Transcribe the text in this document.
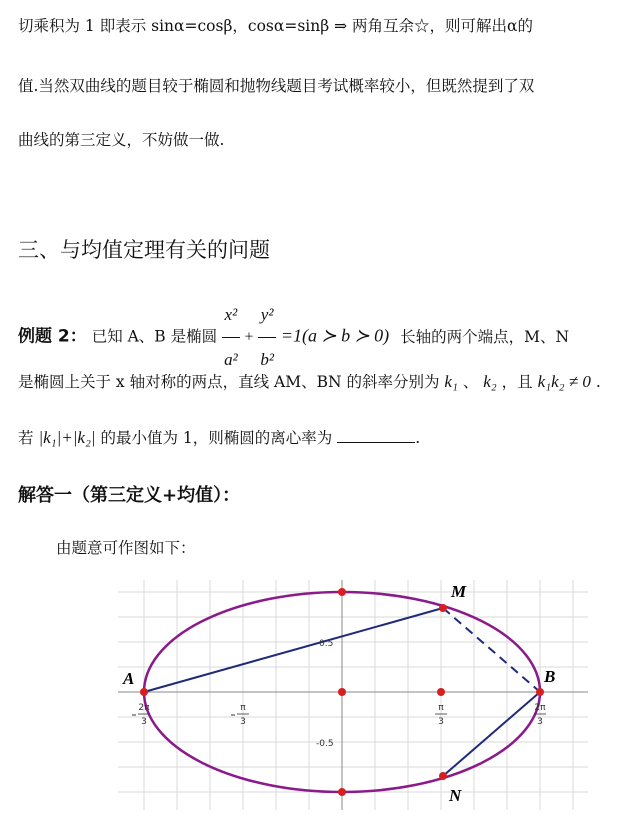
切乘积为 1 即表示 sinα=cosβ，cosα=sinβ ⇒ 两角互余☆，则可解出α的
值.当然双曲线的题目较于椭圆和抛物线题目考试概率较小，但既然提到了双
曲线的第三定义，不妨做一做.
三、与均值定理有关的问题
例题 2： 已知 A、B 是椭圆 $\frac{\text{x²}}{\text{a²}} + \frac{\text{y²}}{\text{b²}} =1(a$ ≻ b ≻ 0) 长轴的两个端点，M、N
是椭圆上关于 x 轴对称的两点，直线 AM、BN 的斜率分别为 k₁ 、 k₂ ，且 k₁k₂ ≠ 0 .
若 |k₁|+|k₂| 的最小值为 1，则椭圆的离心率为	.
解答一（第三定义+均值）：
由题意可作图如下：
A	B
M
N
0.5
-0.5
2π
3
π
3
π
3
2π
3
